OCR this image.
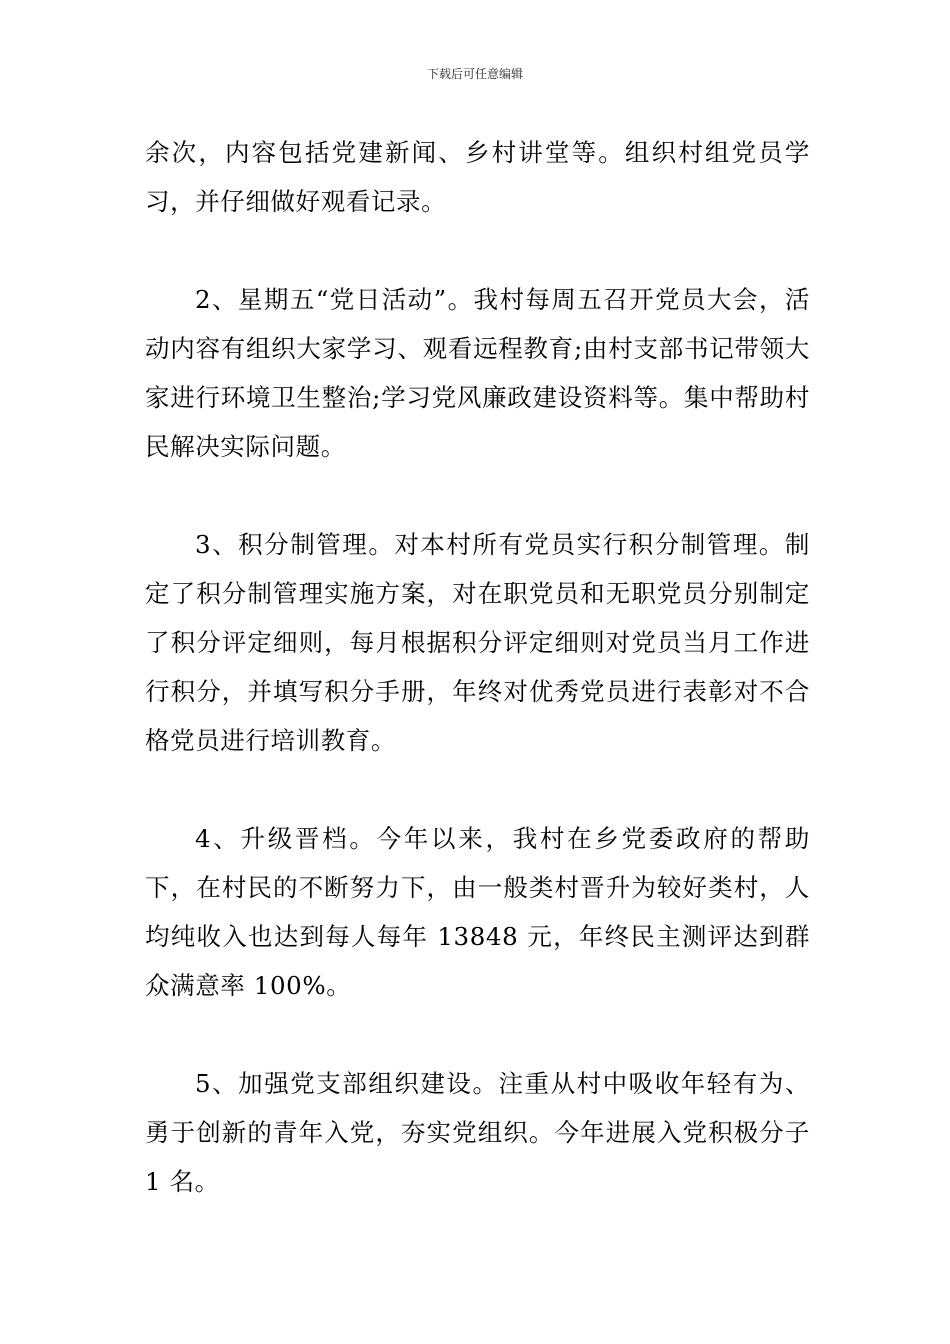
下载后可任意编辑

余次，内容包括党建新闻、乡村讲堂等。组织村组党员学习，并仔细做好观看记录。

2、星期五“党日活动”。我村每周五召开党员大会，活动内容有组织大家学习、观看远程教育;由村支部书记带领大家进行环境卫生整治;学习党风廉政建设资料等。集中帮助村民解决实际问题。

3、积分制管理。对本村所有党员实行积分制管理。制定了积分制管理实施方案，对在职党员和无职党员分别制定了积分评定细则，每月根据积分评定细则对党员当月工作进行积分，并填写积分手册，年终对优秀党员进行表彰对不合格党员进行培训教育。

4、升级晋档。今年以来，我村在乡党委政府的帮助下，在村民的不断努力下，由一般类村晋升为较好类村，人均纯收入也达到每人每年 13848 元，年终民主测评达到群众满意率 100%。

5、加强党支部组织建设。注重从村中吸收年轻有为、勇于创新的青年入党，夯实党组织。今年进展入党积极分子 1 名。
